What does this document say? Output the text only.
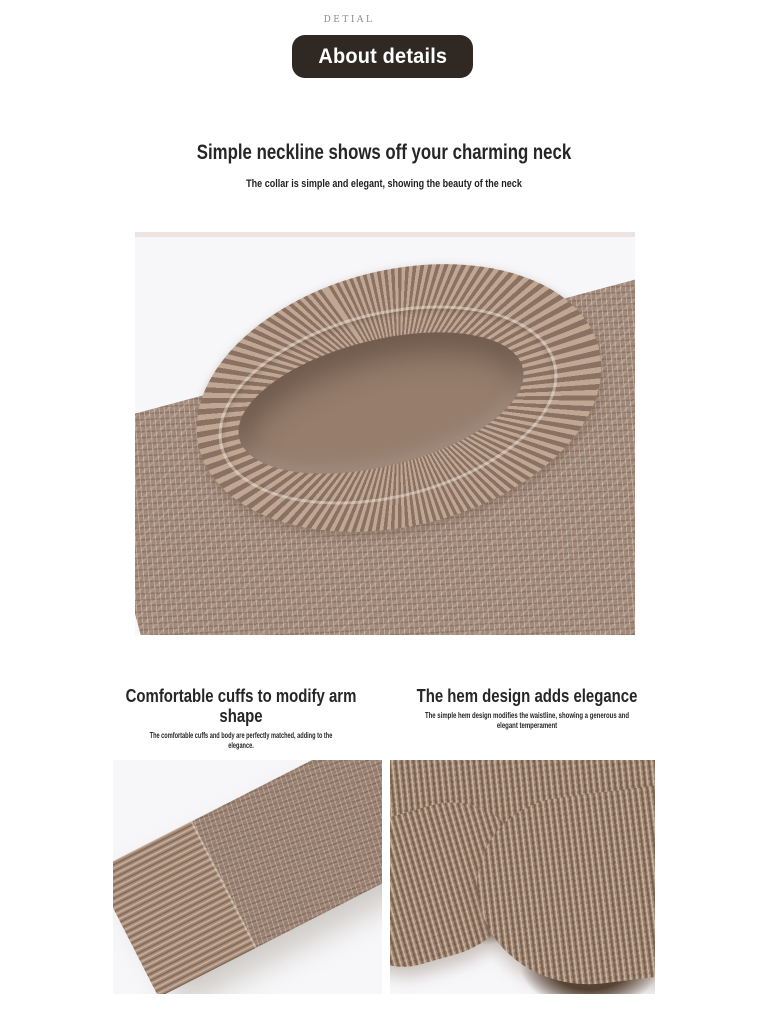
DETIAL
About details
Simple neckline shows off your charming neck

The collar is simple and elegant, showing the beauty of the neck

Comfortable cuffs to modify arm shape

The comfortable cuffs and body are perfectly matched, adding to the elegance.

The hem design adds elegance

The simple hem design modifies the waistline, showing a generous and elegant temperament
